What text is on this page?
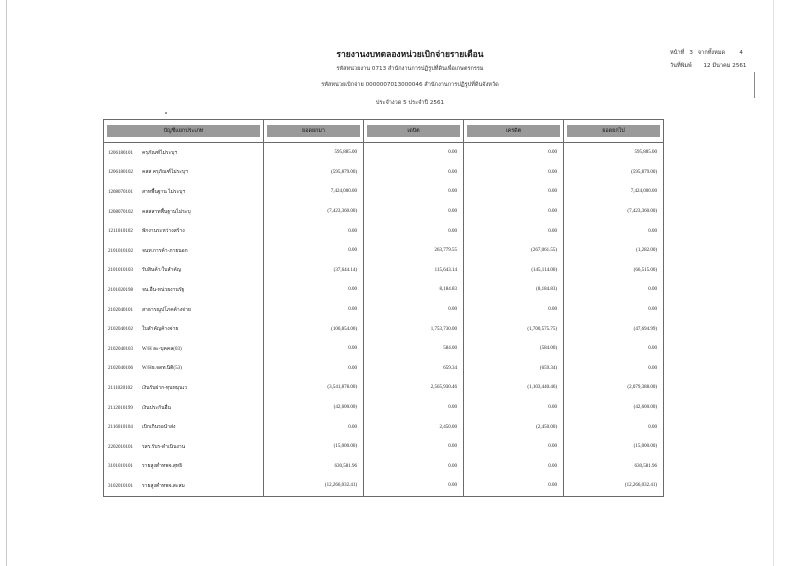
รายงานงบทดลองหน่วยเบิกจ่ายรายเดือน
รหัสหน่วยงาน 0713 สำนักงานการปฏิรูปที่ดินเพื่อเกษตรกรรม
รหัสหน่วยเบิกจ่าย 0000007013000046 สำนักงานการปฏิรูปที่ดินจังหวัด
ประจำงวด 5 ประจำปี 2561
หน้าที่ 3 จากทั้งหมด	4
วันที่พิมพ์ 12 มีนาคม 2561
บัญชีแยกประเภท	ยอดยกมา	เดบิต	เครดิต	ยอดยกไป

1206180101 ครุภัณฑ์ไม่ระบุฯ	595,885.00	0.00	0.00	595,885.00
1206180102 คสส ครุภัณฑ์ไม่ระบุฯ	(595,879.00)	0.00	0.00	(595,879.00)
1208070101 สาทพื้นฐาน ไม่ระบุฯ	7,424,000.00	0.00	0.00	7,424,000.00
1208070102 คสสสาทพื้นฐานไม่ระบุ	(7,423,360.00)	0.00	0.00	(7,423,360.00)
1211010102 พักงานระหว่างสร้าง	0.00	0.00	0.00	0.00
2101010102 จนท.การค้า-ภายนอก	0.00	263,779.55	(267,061.55)	(1,282.00)
2101010103 รับสินค้า/ใบสำคัญ	(37,644.14)	115,643.14	(145,114.00)	(66,515.00)
2101020198 จน.อื่น-หน่วยงานรัฐ	0.00	8,184.83	(8,184.83)	0.00
2102040101 สาธารณูปโภคค้างจ่าย	0.00	0.00	0.00	0.00
2102040102 ใบสำคัญค้างจ่าย	(100,854.00)	1,753,730.00	(1,700,575.75)	(47,694.99)
2102040103 W/H ละ-บุคคล(03)	0.00	584.00	(584.00)	0.00
2102040106 W/Hธ.จดท.นิติ(53)	0.00	659.34	(659.34)	0.00
2111020102 เงินรับฝาก-ทุนหมุนเว	(3,541,878.00)	2,565,930.46	(1,103,440.46)	(2,079,388.00)
2112010199 เงินประกันอื่น	(42,600.00)	0.00	0.00	(42,600.00)
2116010104 เบิกเกินรอนำส่ง	0.00	2,450.00	(2,450.00)	0.00
2202010101 รสร.รับร-ดำเนินงาน	(15,000.00)	0.00	0.00	(15,000.00)
3101010101 รายสูงต่ำทพจ.สุทธิ	630,581.96	0.00	0.00	630,581.96
3102010101 รายสูงต่ำทพจ.สะสม	(12,266,032.41)	0.00	0.00	(12,266,032.41)
